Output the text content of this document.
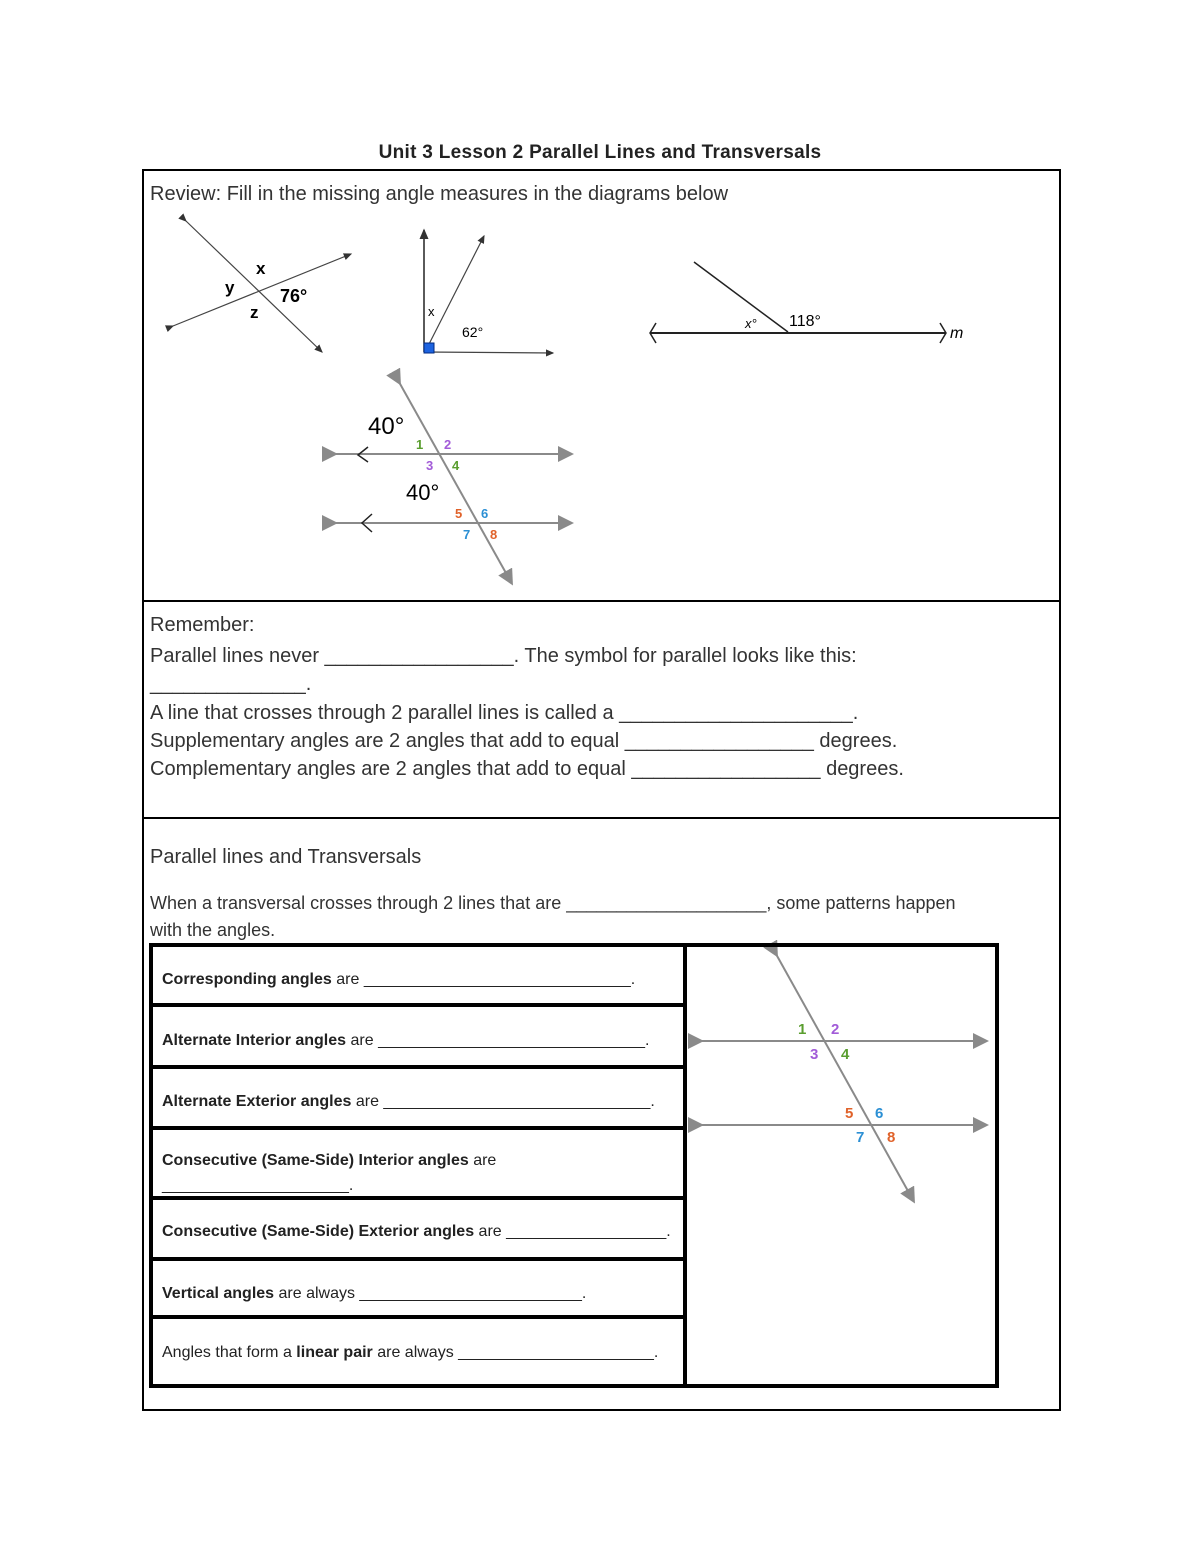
Unit 3 Lesson 2 Parallel Lines and Transversals
Review: Fill in the missing angle measures in the diagrams below
x
y
z
76°
x
62°
x° 118°
m
40°
40°
1 2
3 4
5 6
7 8
1 2
3 4
5 6
7 8
Remember:
Parallel lines never _________________. The symbol for parallel looks like this:
______________.
A line that crosses through 2 parallel lines is called a _____________________.
Supplementary angles are 2 angles that add to equal _________________ degrees.
Complementary angles are 2 angles that add to equal _________________ degrees.
Parallel lines and Transversals
When a transversal crosses through 2 lines that are ____________________, some patterns happen
with the angles.
Corresponding angles are ______________________________.
Alternate Interior angles are ______________________________.
Alternate Exterior angles are ______________________________.
Consecutive (Same-Side) Interior angles are
_____________________.
Consecutive (Same-Side) Exterior angles are __________________.
Vertical angles are always _________________________.
Angles that form a linear pair are always ______________________.
